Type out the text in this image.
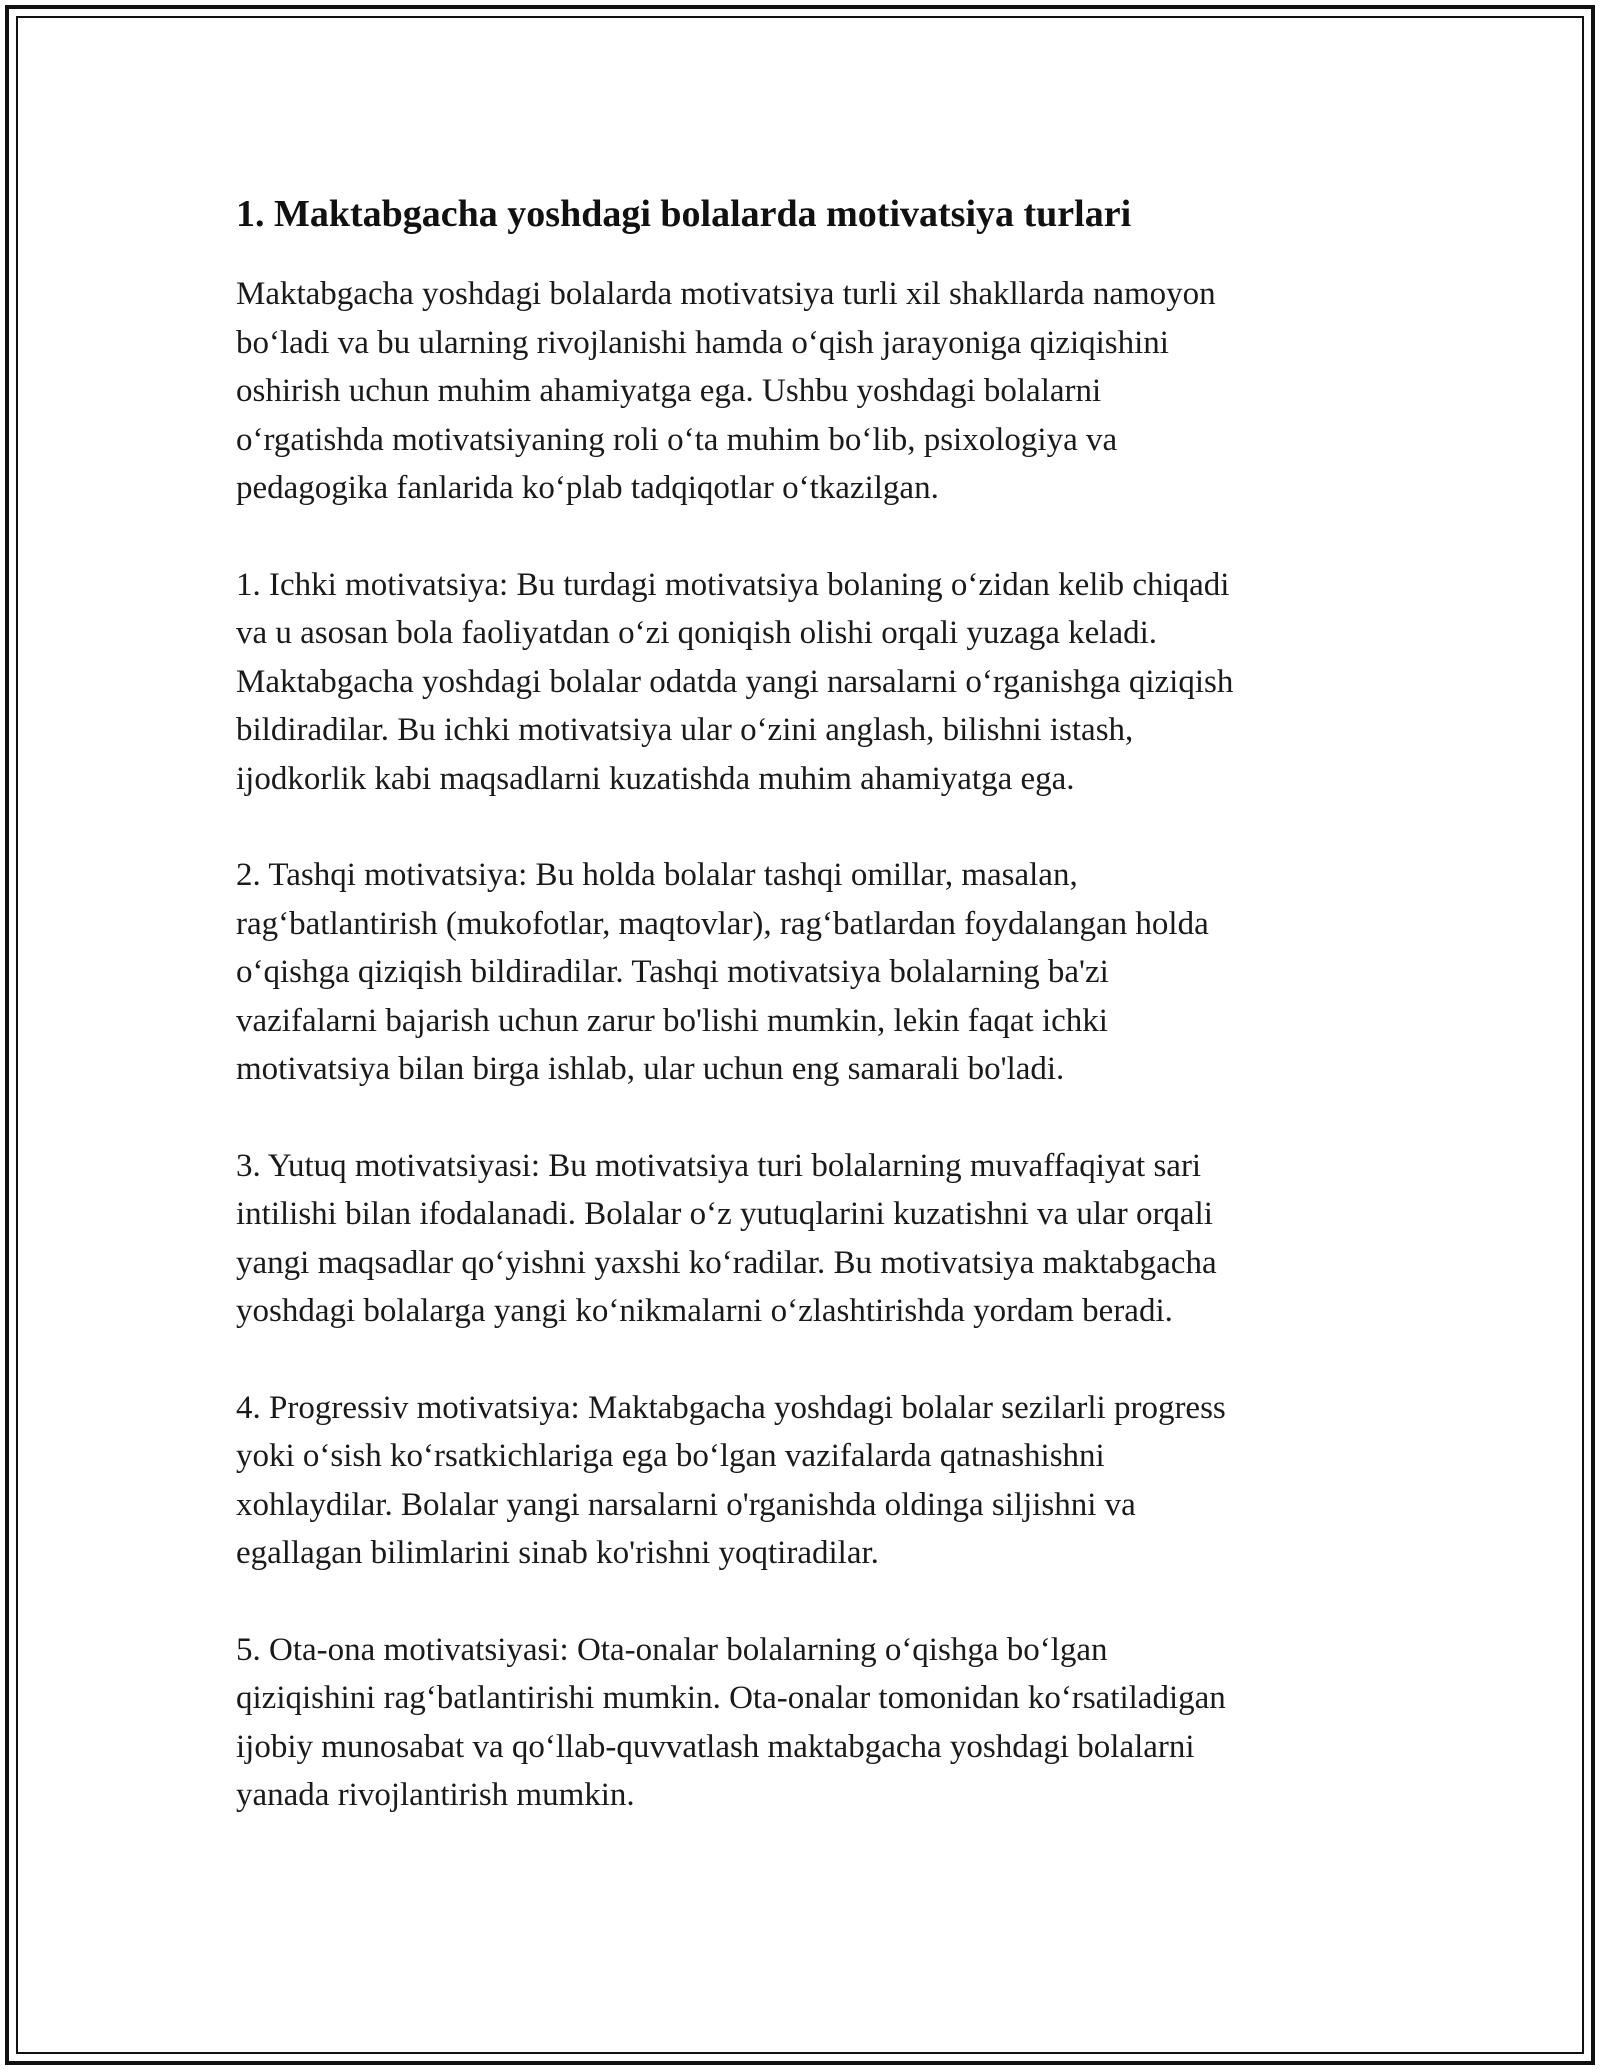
1. Maktabgacha yoshdagi bolalarda motivatsiya turlari

Maktabgacha yoshdagi bolalarda motivatsiya turli xil shakllarda namoyon
bo‘ladi va bu ularning rivojlanishi hamda o‘qish jarayoniga qiziqishini
oshirish uchun muhim ahamiyatga ega. Ushbu yoshdagi bolalarni
o‘rgatishda motivatsiyaning roli o‘ta muhim bo‘lib, psixologiya va
pedagogika fanlarida ko‘plab tadqiqotlar o‘tkazilgan.

1. Ichki motivatsiya: Bu turdagi motivatsiya bolaning o‘zidan kelib chiqadi
va u asosan bola faoliyatdan o‘zi qoniqish olishi orqali yuzaga keladi.
Maktabgacha yoshdagi bolalar odatda yangi narsalarni o‘rganishga qiziqish
bildiradilar. Bu ichki motivatsiya ular o‘zini anglash, bilishni istash,
ijodkorlik kabi maqsadlarni kuzatishda muhim ahamiyatga ega.

2. Tashqi motivatsiya: Bu holda bolalar tashqi omillar, masalan,
rag‘batlantirish (mukofotlar, maqtovlar), rag‘batlardan foydalangan holda
o‘qishga qiziqish bildiradilar. Tashqi motivatsiya bolalarning ba'zi
vazifalarni bajarish uchun zarur bo'lishi mumkin, lekin faqat ichki
motivatsiya bilan birga ishlab, ular uchun eng samarali bo'ladi.

3. Yutuq motivatsiyasi: Bu motivatsiya turi bolalarning muvaffaqiyat sari
intilishi bilan ifodalanadi. Bolalar o‘z yutuqlarini kuzatishni va ular orqali
yangi maqsadlar qo‘yishni yaxshi ko‘radilar. Bu motivatsiya maktabgacha
yoshdagi bolalarga yangi ko‘nikmalarni o‘zlashtirishda yordam beradi.

4. Progressiv motivatsiya: Maktabgacha yoshdagi bolalar sezilarli progress
yoki o‘sish ko‘rsatkichlariga ega bo‘lgan vazifalarda qatnashishni
xohlaydilar. Bolalar yangi narsalarni o'rganishda oldinga siljishni va
egallagan bilimlarini sinab ko'rishni yoqtiradilar.

5. Ota-ona motivatsiyasi: Ota-onalar bolalarning o‘qishga bo‘lgan
qiziqishini rag‘batlantirishi mumkin. Ota-onalar tomonidan ko‘rsatiladigan
ijobiy munosabat va qo‘llab-quvvatlash maktabgacha yoshdagi bolalarni
yanada rivojlantirish mumkin.
